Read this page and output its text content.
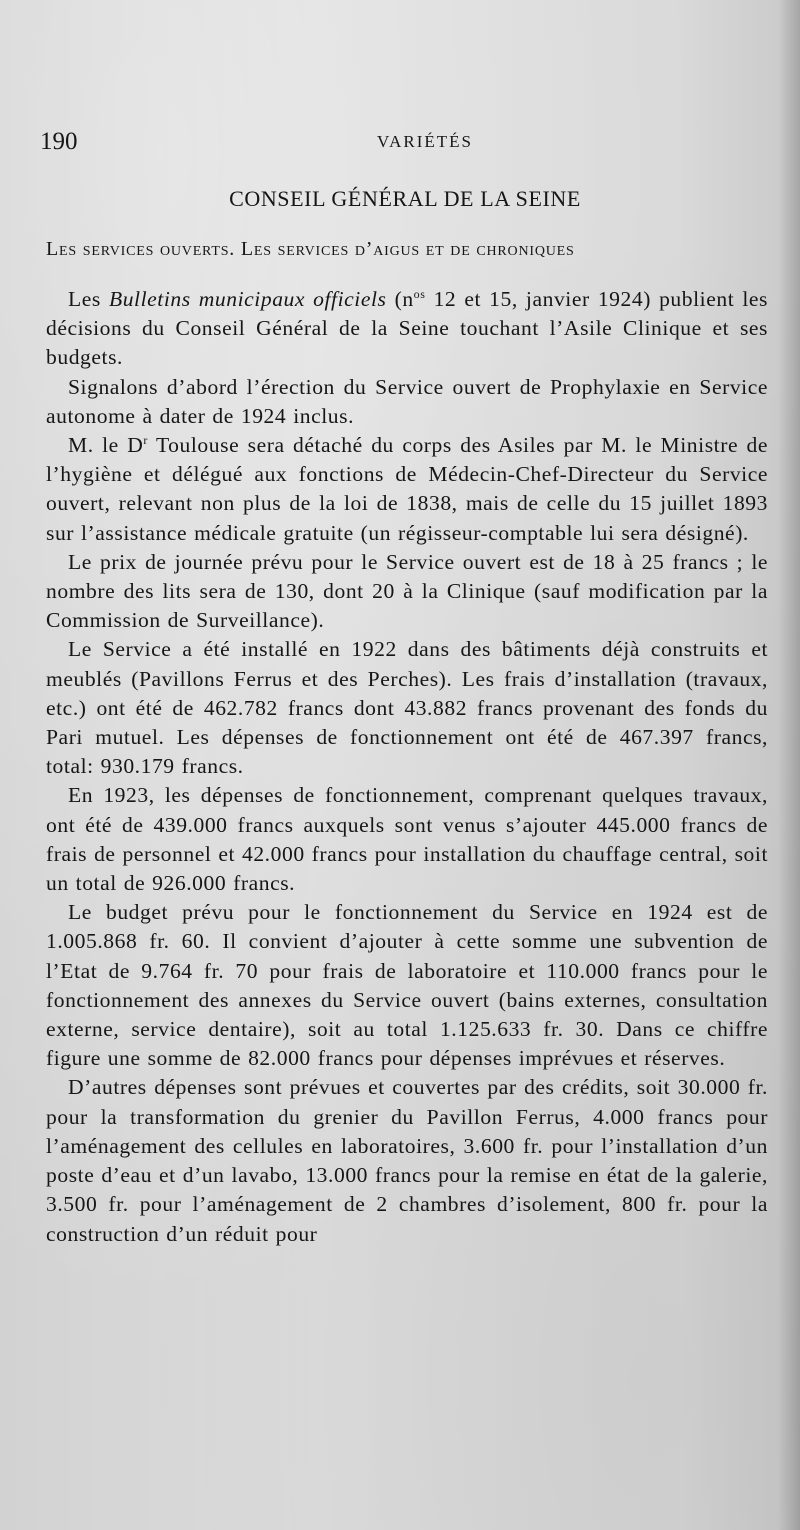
190	VARIÉTÉS
CONSEIL GÉNÉRAL DE LA SEINE
Les services ouverts. Les services d’aigus et de chroniques

Les Bulletins municipaux officiels ($n^{os}$ 12 et 15, janvier 1924) publient les décisions du Conseil Général de la Seine touchant l’Asile Clinique et ses budgets.

Signalons d’abord l’érection du Service ouvert de Prophylaxie en Service autonome à dater de 1924 inclus.

M. le $D^r$ Toulouse sera détaché du corps des Asiles par M. le Ministre de l’hygiène et délégué aux fonctions de Médecin-Chef-Directeur du Service ouvert, relevant non plus de la loi de 1838, mais de celle du 15 juillet 1893 sur l’assistance médicale gratuite (un régisseur-comptable lui sera désigné).

Le prix de journée prévu pour le Service ouvert est de 18 à 25 francs ; le nombre des lits sera de 130, dont 20 à la Clinique (sauf modification par la Commission de Surveillance).

Le Service a été installé en 1922 dans des bâtiments déjà construits et meublés (Pavillons Ferrus et des Perches). Les frais d’installation (travaux, etc.) ont été de 462.782 francs dont 43.882 francs provenant des fonds du Pari mutuel. Les dépenses de fonctionnement ont été de 467.397 francs, total: 930.179 francs.

En 1923, les dépenses de fonctionnement, comprenant quelques travaux, ont été de 439.000 francs auxquels sont venus s’ajouter 445.000 francs de frais de personnel et 42.000 francs pour installation du chauffage central, soit un total de 926.000 francs.

Le budget prévu pour le fonctionnement du Service en 1924 est de 1.005.868 fr. 60. Il convient d’ajouter à cette somme une subvention de l’Etat de 9.764 fr. 70 pour frais de laboratoire et 110.000 francs pour le fonctionnement des annexes du Service ouvert (bains externes, consultation externe, service dentaire), soit au total 1.125.633 fr. 30. Dans ce chiffre figure une somme de 82.000 francs pour dépenses imprévues et réserves.

D’autres dépenses sont prévues et couvertes par des crédits, soit 30.000 fr. pour la transformation du grenier du Pavillon Ferrus, 4.000 francs pour l’aménagement des cellules en laboratoires, 3.600 fr. pour l’installation d’un poste d’eau et d’un lavabo, 13.000 francs pour la remise en état de la galerie, 3.500 fr. pour l’aménagement de 2 chambres d’isolement, 800 fr. pour la construction d’un réduit pour
